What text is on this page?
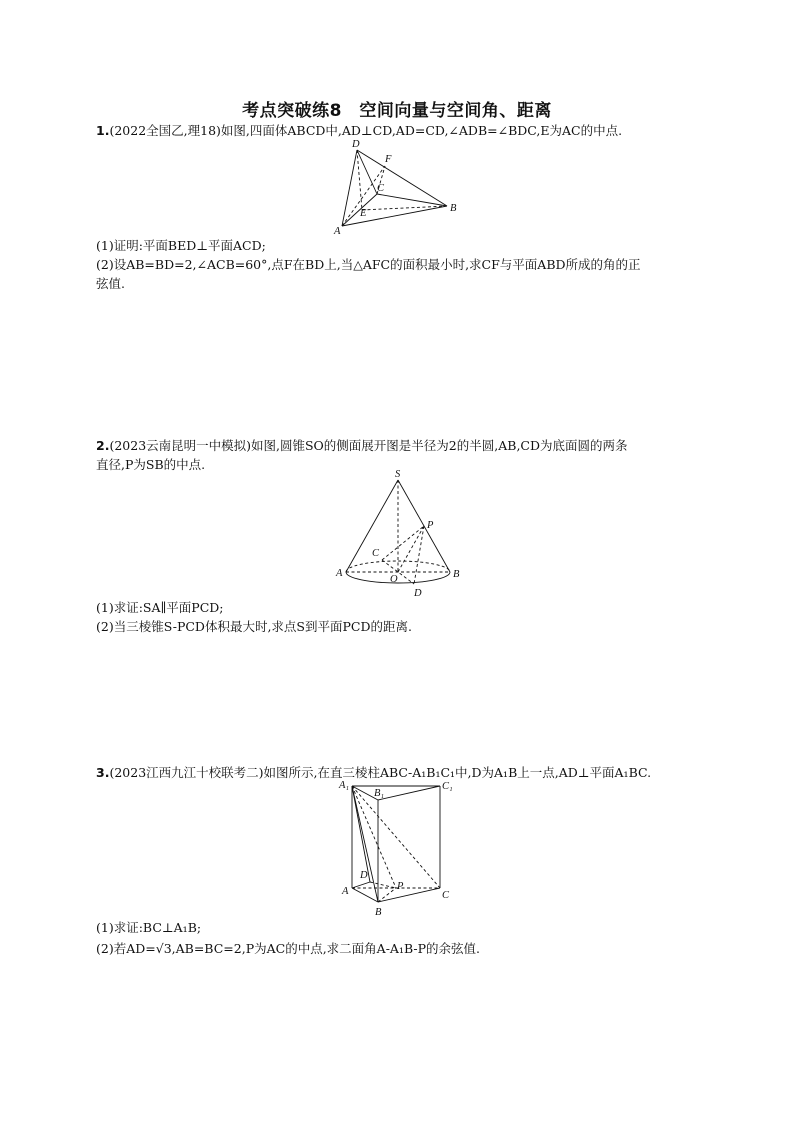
考点突破练8　空间向量与空间角、距离
1.(2022全国乙,理18)如图,四面体ABCD中,AD⊥CD,AD=CD,∠ADB=∠BDC,E为AC的中点.
D
F
C
E	B
A
(1)证明:平面BED⊥平面ACD;
(2)设AB=BD=2,∠ACB=60°,点F在BD上,当△AFC的面积最小时,求CF与平面ABD所成的角的正
弦值.
2.(2023云南昆明一中模拟)如图,圆锥SO的侧面展开图是半径为2的半圆,AB,CD为底面圆的两条
直径,P为SB的中点.
S
P
C
A
O	B
D
(1)求证:SA∥平面PCD;
(2)当三棱锥S-PCD体积最大时,求点S到平面PCD的距离.
3.(2023江西九江十校联考二)如图所示,在直三棱柱ABC-A₁B₁C₁中,D为A₁B上一点,AD⊥平面A₁BC.
A₁
B₁
C₁
D
P
A
B
C
(1)求证:BC⊥A₁B;
(2)若AD=√3,AB=BC=2,P为AC的中点,求二面角A-A₁B-P的余弦值.
